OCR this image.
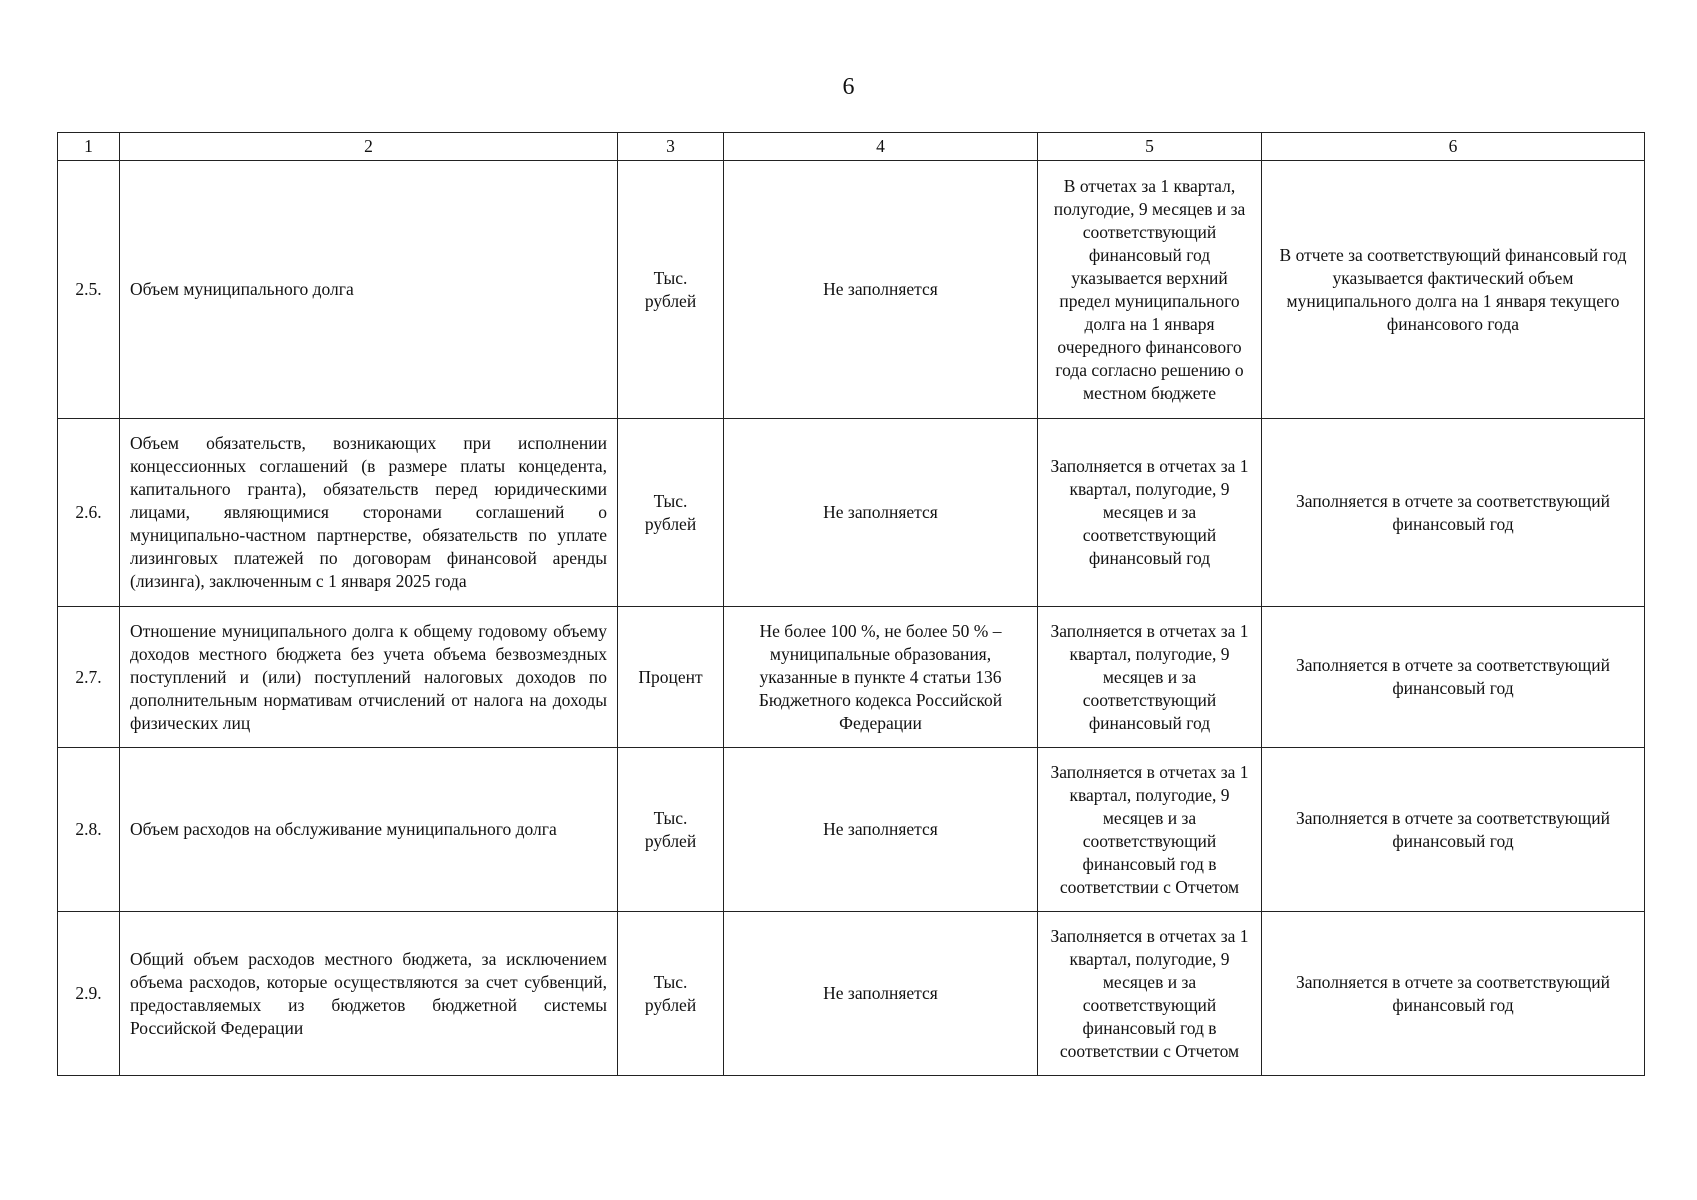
6
1	2	3	4	5	6
2.5.	Объем муниципального долга	Тыс. рублей	Не заполняется	В отчетах за 1 квартал, полугодие, 9 месяцев и за соответствующий финансовый год указывается верхний предел муниципального долга на 1 января очередного финансового года согласно решению о местном бюджете	В отчете за соответствующий финансовый год указывается фактический объем муниципального долга на 1 января текущего финансового года
2.6.	Объем обязательств, возникающих при исполнении концессионных соглашений (в размере платы концедента, капитального гранта), обязательств перед юридическими лицами, являющимися сторонами соглашений о муниципально-частном партнерстве, обязательств по уплате лизинговых платежей по договорам финансовой аренды (лизинга), заключенным с 1 января 2025 года	Тыс. рублей	Не заполняется	Заполняется в отчетах за 1 квартал, полугодие, 9 месяцев и за соответствующий финансовый год	Заполняется в отчете за соответствующий финансовый год
2.7.	Отношение муниципального долга к общему годовому объему доходов местного бюджета без учета объема безвозмездных поступлений и (или) поступлений налоговых доходов по дополнительным нормативам отчислений от налога на доходы физических лиц	Процент	Не более 100 %, не более 50 % – муниципальные образования, указанные в пункте 4 статьи 136 Бюджетного кодекса Российской Федерации	Заполняется в отчетах за 1 квартал, полугодие, 9 месяцев и за соответствующий финансовый год	Заполняется в отчете за соответствующий финансовый год
2.8.	Объем расходов на обслуживание муниципального долга	Тыс. рублей	Не заполняется	Заполняется в отчетах за 1 квартал, полугодие, 9 месяцев и за соответствующий финансовый год в соответствии с Отчетом	Заполняется в отчете за соответствующий финансовый год
2.9.	Общий объем расходов местного бюджета, за исключением объема расходов, которые осуществляются за счет субвенций, предоставляемых из бюджетов бюджетной системы Российской Федерации	Тыс. рублей	Не заполняется	Заполняется в отчетах за 1 квартал, полугодие, 9 месяцев и за соответствующий финансовый год в соответствии с Отчетом	Заполняется в отчете за соответствующий финансовый год
